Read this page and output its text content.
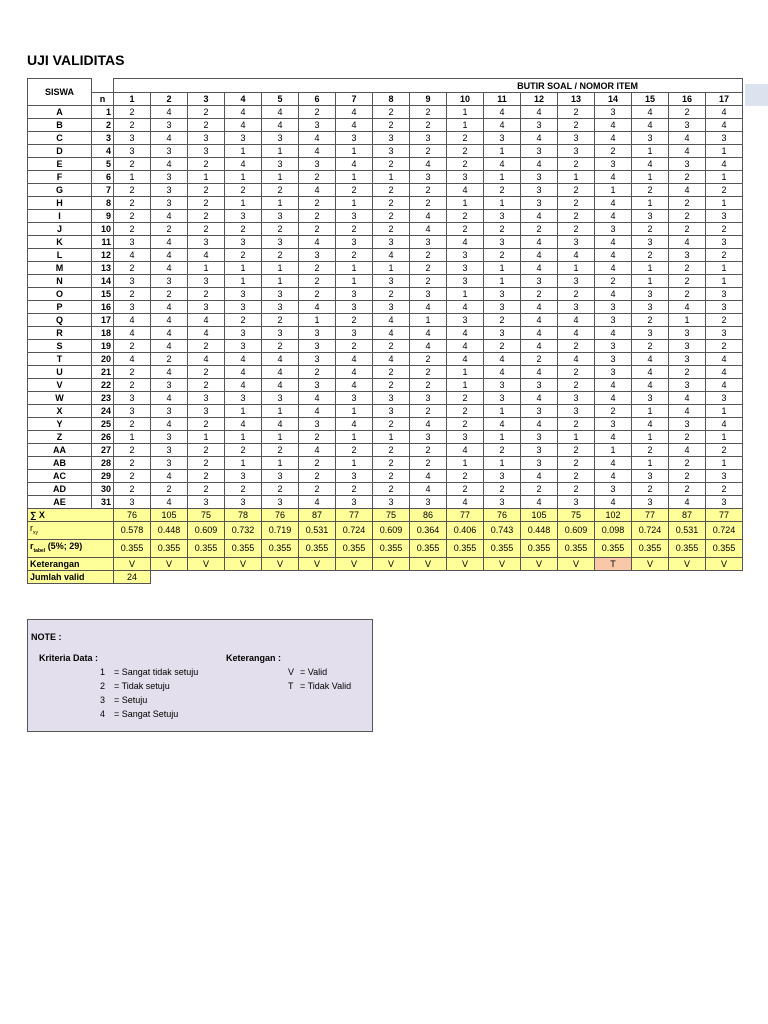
UJI VALIDITAS
SISWA		BUTIR SOAL / NOMOR ITEM																
	n	1	2	3	4	5	6	7	8	9	10	11	12	13	14	15	16	17
A	1	2	4	2	4	4	2	4	2	2	1	4	4	2	3	4	2	4
B	2	2	3	2	4	4	3	4	2	2	1	4	3	2	4	4	3	4
C	3	3	4	3	3	3	4	3	3	3	2	3	4	3	4	3	4	3
D	4	3	3	3	1	1	4	1	3	2	2	1	3	3	2	1	4	1
E	5	2	4	2	4	3	3	4	2	4	2	4	4	2	3	4	3	4
F	6	1	3	1	1	1	2	1	1	3	3	1	3	1	4	1	2	1
G	7	2	3	2	2	2	4	2	2	2	4	2	3	2	1	2	4	2
H	8	2	3	2	1	1	2	1	2	2	1	1	3	2	4	1	2	1
I	9	2	4	2	3	3	2	3	2	4	2	3	4	2	4	3	2	3
J	10	2	2	2	2	2	2	2	2	4	2	2	2	2	3	2	2	2
K	11	3	4	3	3	3	4	3	3	3	4	3	4	3	4	3	4	3
L	12	4	4	4	2	2	3	2	4	2	3	2	4	4	4	2	3	2
M	13	2	4	1	1	1	2	1	1	2	3	1	4	1	4	1	2	1
N	14	3	3	3	1	1	2	1	3	2	3	1	3	3	2	1	2	1
O	15	2	2	2	3	3	2	3	2	3	1	3	2	2	4	3	2	3
P	16	3	4	3	3	3	4	3	3	4	4	3	4	3	3	3	4	3
Q	17	4	4	4	2	2	1	2	4	1	3	2	4	4	3	2	1	2
R	18	4	4	4	3	3	3	3	4	4	4	3	4	4	4	3	3	3
S	19	2	4	2	3	2	3	2	2	4	4	2	4	2	3	2	3	2
T	20	4	2	4	4	4	3	4	4	2	4	4	2	4	3	4	3	4
U	21	2	4	2	4	4	2	4	2	2	1	4	4	2	3	4	2	4
V	22	2	3	2	4	4	3	4	2	2	1	3	3	2	4	4	3	4
W	23	3	4	3	3	3	4	3	3	3	2	3	4	3	4	3	4	3
X	24	3	3	3	1	1	4	1	3	2	2	1	3	3	2	1	4	1
Y	25	2	4	2	4	4	3	4	2	4	2	4	4	2	3	4	3	4
Z	26	1	3	1	1	1	2	1	1	3	3	1	3	1	4	1	2	1
AA	27	2	3	2	2	2	4	2	2	2	4	2	3	2	1	2	4	2
AB	28	2	3	2	1	1	2	1	2	2	1	1	3	2	4	1	2	1
AC	29	2	4	2	3	3	2	3	2	4	2	3	4	2	4	3	2	3
AD	30	2	2	2	2	2	2	2	2	4	2	2	2	2	3	2	2	2
AE	31	3	4	3	3	3	4	3	3	3	4	3	4	3	4	3	4	3
∑ X		76	105	75	78	76	87	77	75	86	77	76	105	75	102	77	87	77
$r_{xy}$		0.578	0.448	0.609	0.732	0.719	0.531	0.724	0.609	0.364	0.406	0.743	0.448	0.609	0.098	0.724	0.531	0.724
$r_{tabel}$ (5%; 29)		0.355	0.355	0.355	0.355	0.355	0.355	0.355	0.355	0.355	0.355	0.355	0.355	0.355	0.355	0.355	0.355	0.355
Keterangan		V	V	V	V	V	V	V	V	V	V	V	V	V	T	V	V	V
Jumlah valid		24																
NOTE :
Kriteria Data :
1 = Sangat tidak setuju
2 = Tidak setuju
3 = Setuju
4 = Sangat Setuju
Keterangan :
V = Valid
T = Tidak Valid
